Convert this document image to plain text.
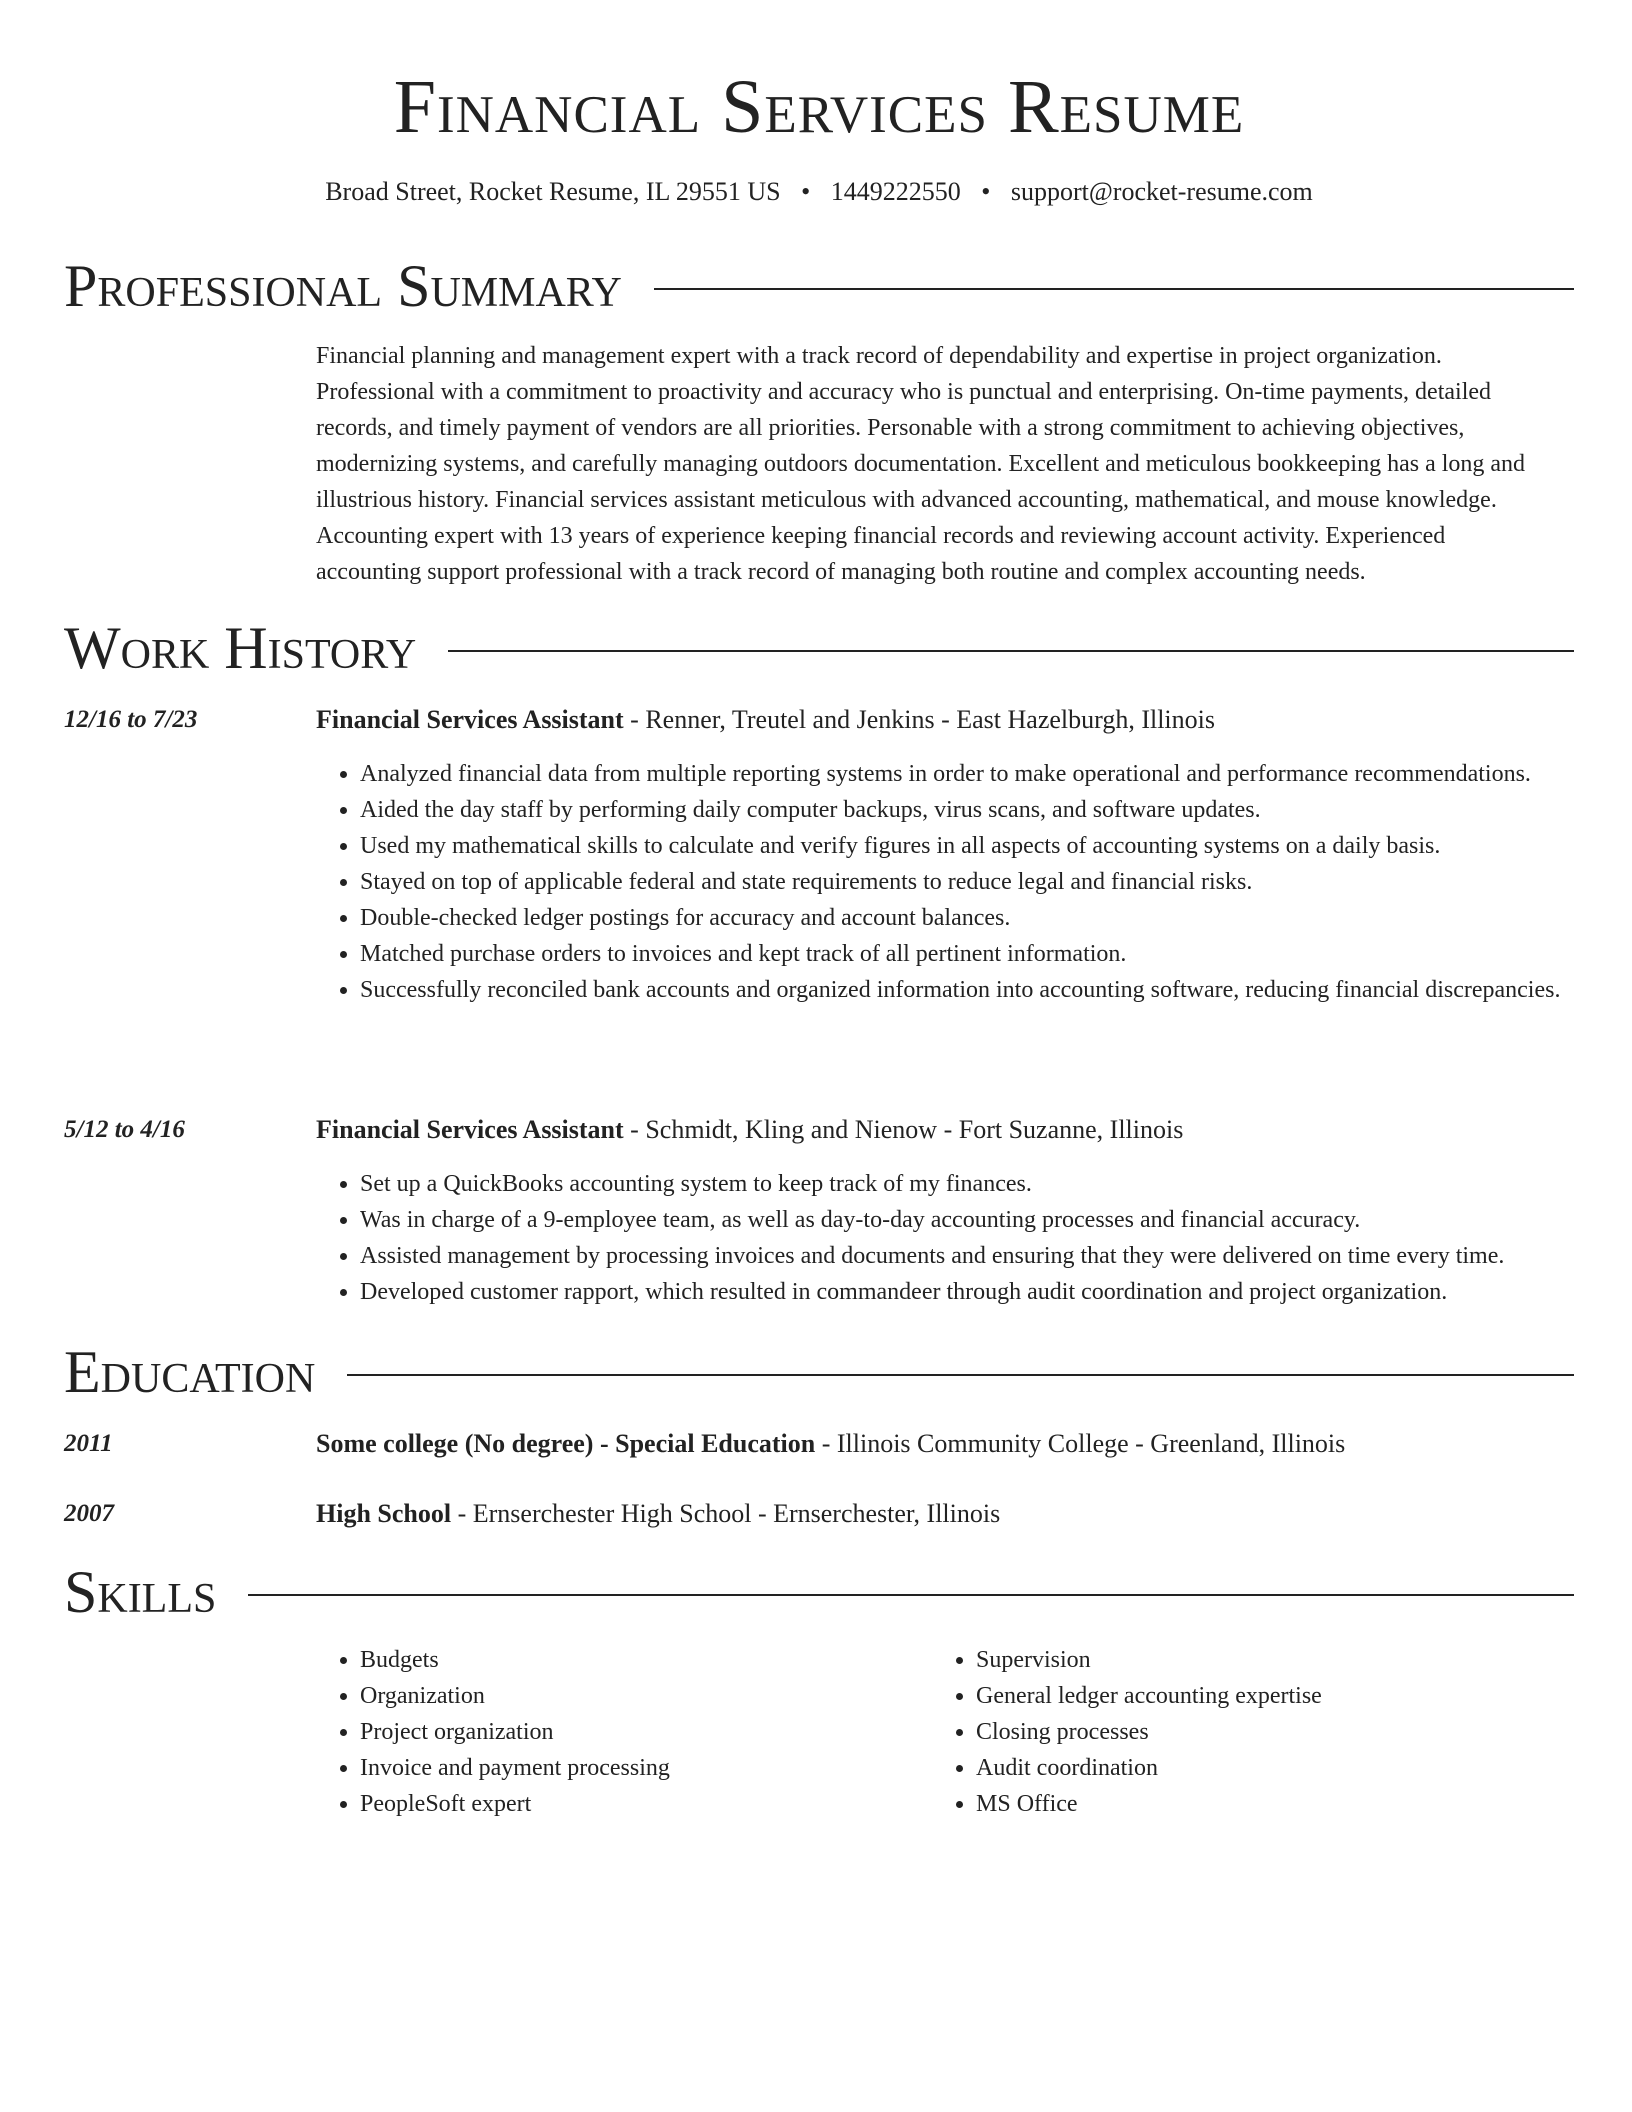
Financial Services Resume
Broad Street, Rocket Resume, IL 29551 US • 1449222550 • support@rocket-resume.com
Professional Summary

Financial planning and management expert with a track record of dependability and expertise in project organization. Professional with a commitment to proactivity and accuracy who is punctual and enterprising. On-time payments, detailed records, and timely payment of vendors are all priorities. Personable with a strong commitment to achieving objectives, modernizing systems, and carefully managing outdoors documentation. Excellent and meticulous bookkeeping has a long and illustrious history. Financial services assistant meticulous with advanced accounting, mathematical, and mouse knowledge. Accounting expert with 13 years of experience keeping financial records and reviewing account activity. Experienced accounting support professional with a track record of managing both routine and complex accounting needs.

Work History
12/16 to 7/23	Financial Services Assistant - Renner, Treutel and Jenkins - East Hazelburgh, Illinois
• Analyzed financial data from multiple reporting systems in order to make operational and performance recommendations.
• Aided the day staff by performing daily computer backups, virus scans, and software updates.
• Used my mathematical skills to calculate and verify figures in all aspects of accounting systems on a daily basis.
• Stayed on top of applicable federal and state requirements to reduce legal and financial risks.
• Double-checked ledger postings for accuracy and account balances.
• Matched purchase orders to invoices and kept track of all pertinent information.
• Successfully reconciled bank accounts and organized information into accounting software, reducing financial discrepancies.
5/12 to 4/16	Financial Services Assistant - Schmidt, Kling and Nienow - Fort Suzanne, Illinois
• Set up a QuickBooks accounting system to keep track of my finances.
• Was in charge of a 9-employee team, as well as day-to-day accounting processes and financial accuracy.
• Assisted management by processing invoices and documents and ensuring that they were delivered on time every time.
• Developed customer rapport, which resulted in commandeer through audit coordination and project organization.
Education
2011	Some college (No degree) - Special Education - Illinois Community College - Greenland, Illinois
2007	High School - Ernserchester High School - Ernserchester, Illinois
Skills
• Budgets
• Organization
• Project organization
• Invoice and payment processing
• PeopleSoft expert
• Supervision
• General ledger accounting expertise
• Closing processes
• Audit coordination
• MS Office
